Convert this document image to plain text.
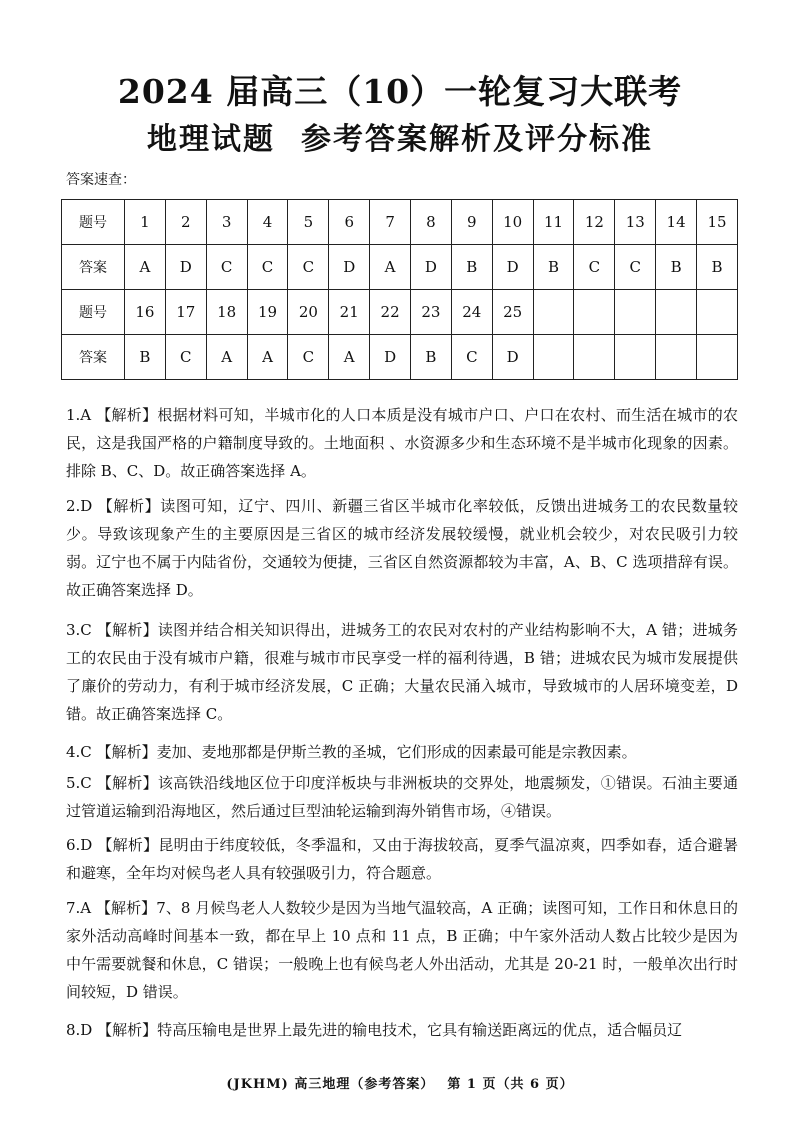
2024 届高三（10）一轮复习大联考
地理试题 参考答案解析及评分标准
答案速查：
题号	1	2	3	4	5	6	7	8	9	10	11	12	13	14	15
答案	A	D	C	C	C	D	A	D	B	D	B	C	C	B	B
题号	16	17	18	19	20	21	22	23	24	25					
答案	B	C	A	A	C	A	D	B	C	D					
1.A 【解析】根据材料可知，半城市化的人口本质是没有城市户口、户口在农村、而生活在城市的农民，这是我国严格的户籍制度导致的。土地面积 、水资源多少和生态环境不是半城市化现象的因素。排除 B、C、D。故正确答案选择 A。
2.D 【解析】读图可知，辽宁、四川、新疆三省区半城市化率较低，反馈出进城务工的农民数量较少。导致该现象产生的主要原因是三省区的城市经济发展较缓慢，就业机会较少，对农民吸引力较弱。辽宁也不属于内陆省份，交通较为便捷，三省区自然资源都较为丰富，A、B、C 选项措辞有误。故正确答案选择 D。
3.C 【解析】读图并结合相关知识得出，进城务工的农民对农村的产业结构影响不大，A 错；进城务工的农民由于没有城市户籍，很难与城市市民享受一样的福利待遇，B 错；进城农民为城市发展提供了廉价的劳动力，有利于城市经济发展，C 正确；大量农民涌入城市，导致城市的人居环境变差，D 错。故正确答案选择 C。
4.C 【解析】麦加、麦地那都是伊斯兰教的圣城，它们形成的因素最可能是宗教因素。
5.C 【解析】该高铁沿线地区位于印度洋板块与非洲板块的交界处，地震频发，①错误。石油主要通过管道运输到沿海地区，然后通过巨型油轮运输到海外销售市场，④错误。
6.D 【解析】昆明由于纬度较低，冬季温和，又由于海拔较高，夏季气温凉爽，四季如春，适合避暑和避寒，全年均对候鸟老人具有较强吸引力，符合题意。
7.A 【解析】7、8 月候鸟老人人数较少是因为当地气温较高，A 正确；读图可知，工作日和休息日的家外活动高峰时间基本一致，都在早上 10 点和 11 点，B 正确；中午家外活动人数占比较少是因为中午需要就餐和休息，C 错误；一般晚上也有候鸟老人外出活动，尤其是 20-21 时，一般单次出行时间较短，D 错误。
8.D 【解析】特高压输电是世界上最先进的输电技术，它具有输送距离远的优点，适合幅员辽
(JKHM) 高三地理（参考答案）　 第 1 页（共 6 页）
